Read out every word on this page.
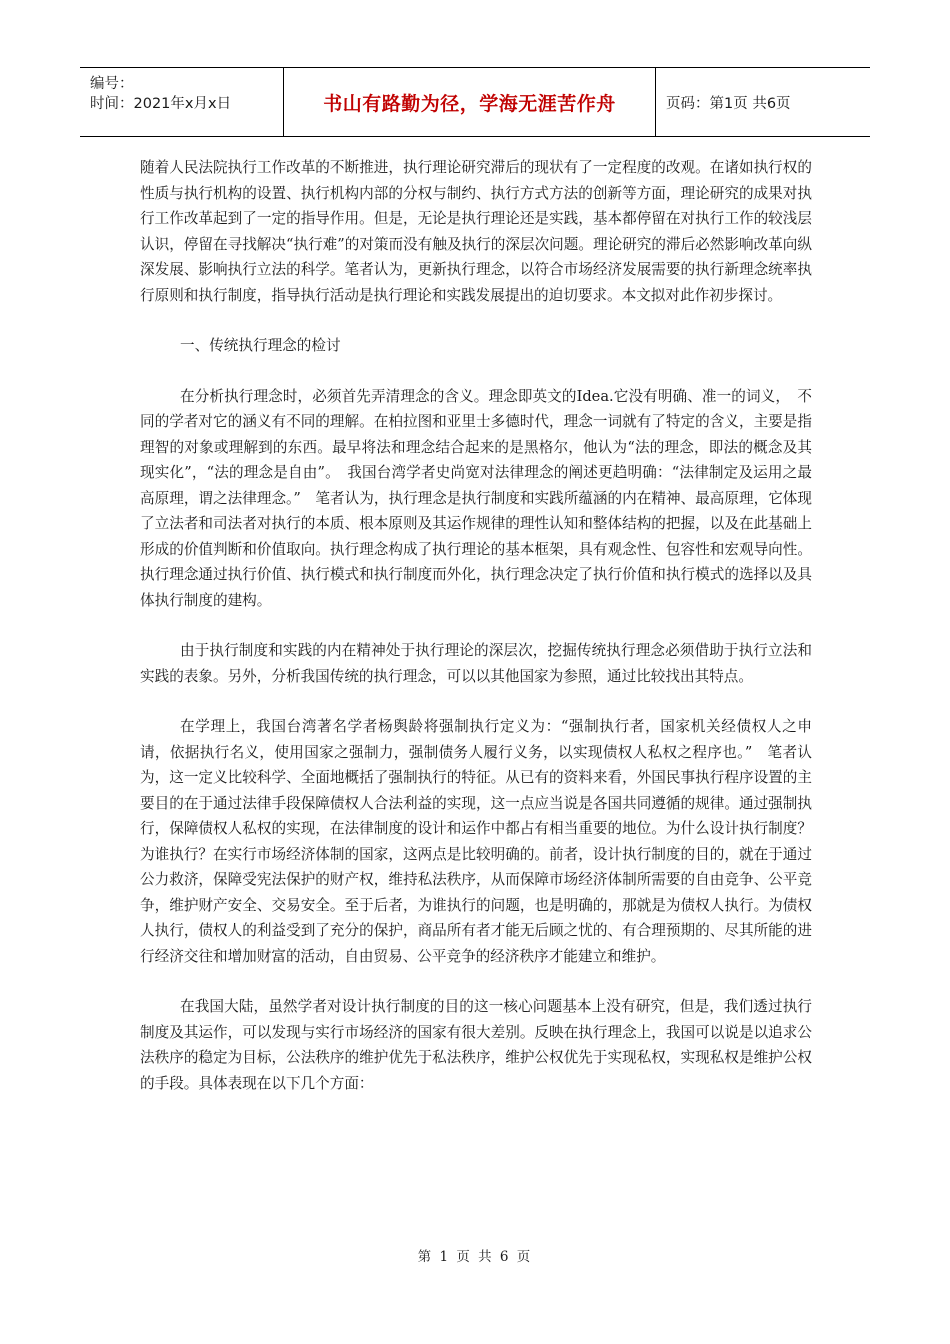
编号：
时间：2021年x月x日	书山有路勤为径，学海无涯苦作舟	页码：第1页 共6页

随着人民法院执行工作改革的不断推进，执行理论研究滞后的现状有了一定程度的改观。在诸如执行权的性质与执行机构的设置、执行机构内部的分权与制约、执行方式方法的创新等方面，理论研究的成果对执行工作改革起到了一定的指导作用。但是，无论是执行理论还是实践，基本都停留在对执行工作的较浅层认识，停留在寻找解决“执行难”的对策而没有触及执行的深层次问题。理论研究的滞后必然影响改革向纵深发展、影响执行立法的科学。笔者认为，更新执行理念，以符合市场经济发展需要的执行新理念统率执行原则和执行制度，指导执行活动是执行理论和实践发展提出的迫切要求。本文拟对此作初步探讨。

一、传统执行理念的检讨

在分析执行理念时，必须首先弄清理念的含义。理念即英文的Idea.它没有明确、准一的词义，　不同的学者对它的涵义有不同的理解。在柏拉图和亚里士多德时代，理念一词就有了特定的含义，主要是指理智的对象或理解到的东西。最早将法和理念结合起来的是黑格尔，他认为“法的理念，即法的概念及其现实化”，“法的理念是自由”。　我国台湾学者史尚宽对法律理念的阐述更趋明确：“法律制定及运用之最高原理，谓之法律理念。”　笔者认为，执行理念是执行制度和实践所蕴涵的内在精神、最高原理，它体现了立法者和司法者对执行的本质、根本原则及其运作规律的理性认知和整体结构的把握，以及在此基础上形成的价值判断和价值取向。执行理念构成了执行理论的基本框架，具有观念性、包容性和宏观导向性。执行理念通过执行价值、执行模式和执行制度而外化，执行理念决定了执行价值和执行模式的选择以及具体执行制度的建构。

由于执行制度和实践的内在精神处于执行理论的深层次，挖掘传统执行理念必须借助于执行立法和实践的表象。另外，分析我国传统的执行理念，可以以其他国家为参照，通过比较找出其特点。

在学理上，我国台湾著名学者杨舆龄将强制执行定义为：“强制执行者，国家机关经债权人之申请，依据执行名义，使用国家之强制力，强制债务人履行义务，以实现债权人私权之程序也。”　笔者认为，这一定义比较科学、全面地概括了强制执行的特征。从已有的资料来看，外国民事执行程序设置的主要目的在于通过法律手段保障债权人合法利益的实现，这一点应当说是各国共同遵循的规律。通过强制执行，保障债权人私权的实现，在法律制度的设计和运作中都占有相当重要的地位。为什么设计执行制度？为谁执行？在实行市场经济体制的国家，这两点是比较明确的。前者，设计执行制度的目的，就在于通过公力救济，保障受宪法保护的财产权，维持私法秩序，从而保障市场经济体制所需要的自由竞争、公平竞争，维护财产安全、交易安全。至于后者，为谁执行的问题，也是明确的，那就是为债权人执行。为债权人执行，债权人的利益受到了充分的保护，商品所有者才能无后顾之忧的、有合理预期的、尽其所能的进行经济交往和增加财富的活动，自由贸易、公平竞争的经济秩序才能建立和维护。

在我国大陆，虽然学者对设计执行制度的目的这一核心问题基本上没有研究，但是，我们透过执行制度及其运作，可以发现与实行市场经济的国家有很大差别。反映在执行理念上，我国可以说是以追求公法秩序的稳定为目标，公法秩序的维护优先于私法秩序，维护公权优先于实现私权，实现私权是维护公权的手段。具体表现在以下几个方面：

第 1 页 共 6 页
